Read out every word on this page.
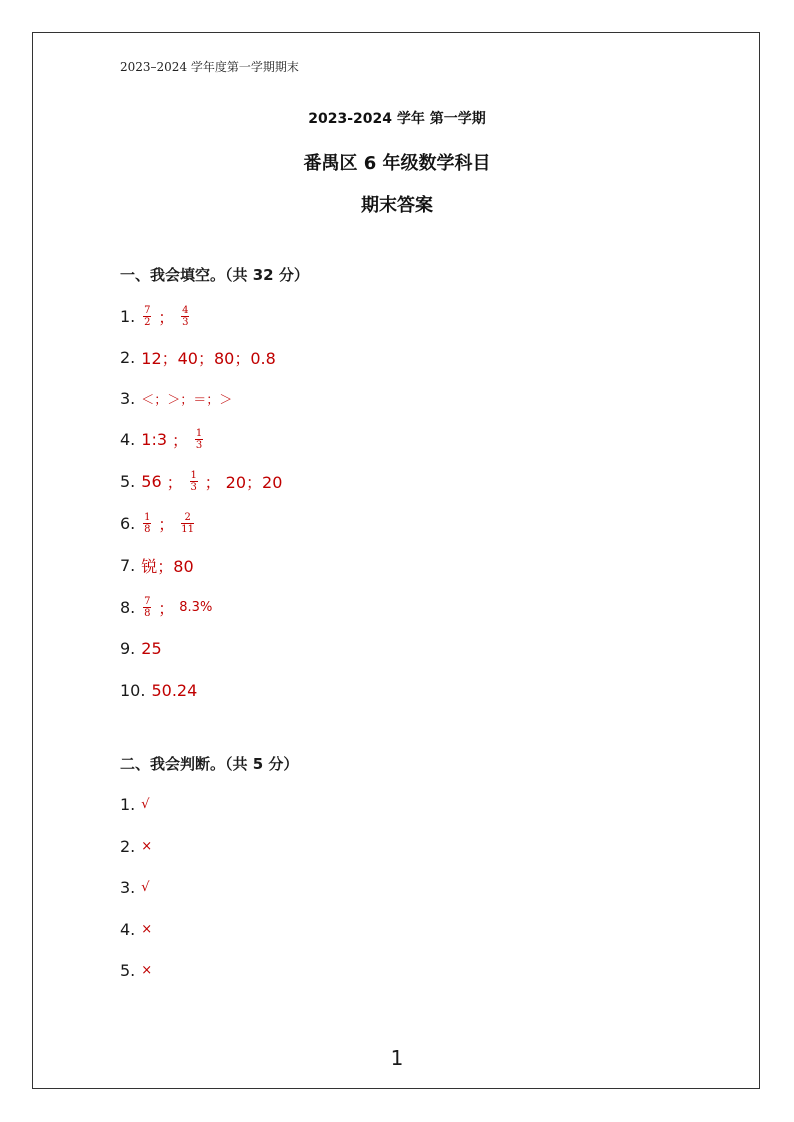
2023–2024 学年度第一学期期末
2023-2024 学年 第一学期
番禺区 6 年级数学科目
期末答案
一、我会填空。（共 32 分）
1. $\frac{7}{2}$ ； $\frac{4}{3}$
2. 12；40；80；0.8
3. ＜；＞；＝；＞
4. 1:3 ； $\frac{1}{3}$
5. 56 ； $\frac{1}{3}$ ； 20；20
6. $\frac{1}{8}$ ； $\frac{2}{11}$
7. 锐；80
8. $\frac{7}{8}$ ； 8.3%
9. 25
10. 50.24
二、我会判断。（共 5 分）
1. √
2. ×
3. √
4. ×
5. ×
1
